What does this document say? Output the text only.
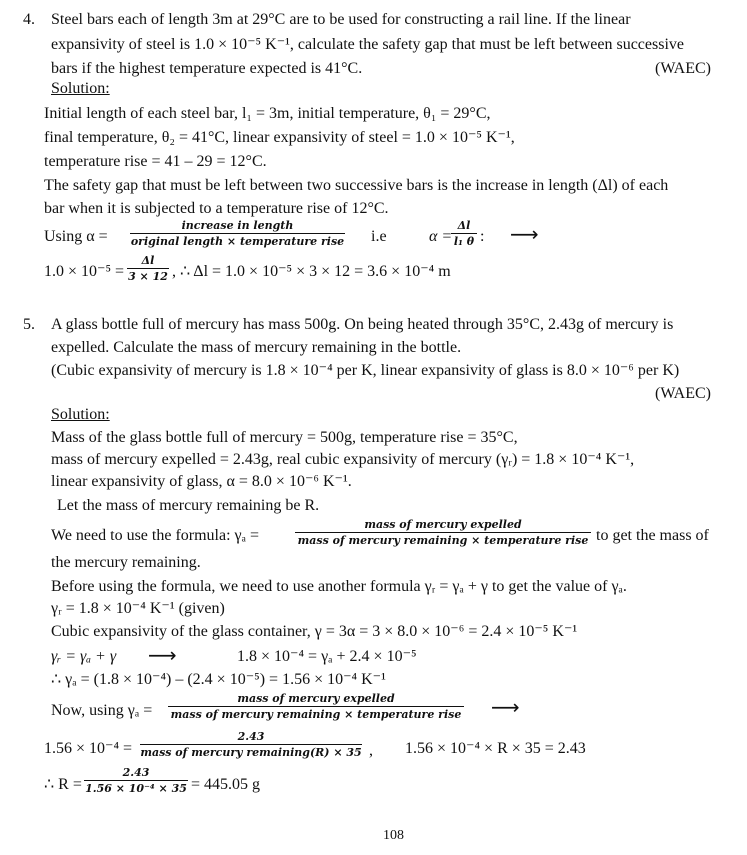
4. Steel bars each of length 3m at 29°C are to be used for constructing a rail line. If the linear
expansivity of steel is 1.0 × 10⁻⁵ K⁻¹, calculate the safety gap that must be left between successive
bars if the highest temperature expected is 41°C.	(WAEC)
Solution:
Initial length of each steel bar, l₁ = 3m, initial temperature, θ₁ = 29°C,
final temperature, θ₂ = 41°C, linear expansivity of steel = 1.0 × 10⁻⁵ K⁻¹,
temperature rise = 41 – 29 = 12°C.
The safety gap that must be left between two successive bars is the increase in length (Δl) of each
bar when it is subjected to a temperature rise of 12°C.
Using α =
increase in length
original length × temperature rise i.e	α =
$\frac{\Delta l}{\text{l₁ θ}}$ : ⟶
$1.0 \times 10^{-5} = \frac{\Delta l}{3 \times 12}$ , ∴ Δl = 1.0 × 10⁻⁵ × 3 × 12 = 3.6 × 10⁻⁴ m
5. A glass bottle full of mercury has mass 500g. On being heated through 35°C, 2.43g of mercury is
expelled. Calculate the mass of mercury remaining in the bottle.
(Cubic expansivity of mercury is 1.8 × 10⁻⁴ per K, linear expansivity of glass is 8.0 × 10⁻⁶ per K)
(WAEC)
Solution:
Mass of the glass bottle full of mercury = 500g, temperature rise = 35°C,
mass of mercury expelled = 2.43g, real cubic expansivity of mercury (γᵣ) = 1.8 × 10⁻⁴ K⁻¹,
linear expansivity of glass, α = 8.0 × 10⁻⁶ K⁻¹.
Let the mass of mercury remaining be R.
We need to use the formula: γₐ =
mass of mercury expelled
mass of mercury remaining × temperature rise to get the mass of
the mercury remaining.
Before using the formula, we need to use another formula γᵣ = γₐ + γ to get the value of γₐ.
γᵣ = 1.8 × 10⁻⁴ K⁻¹ (given)
Cubic expansivity of the glass container, γ = 3α = 3 × 8.0 × 10⁻⁶ = 2.4 × 10⁻⁵ K⁻¹
γᵣ = γₐ + γ ⟶	1.8 × 10⁻⁴ = γₐ + 2.4 × 10⁻⁵
∴ γₐ = (1.8 × 10⁻⁴) – (2.4 × 10⁻⁵) = 1.56 × 10⁻⁴ K⁻¹
Now, using γₐ =
mass of mercury expelled
mass of mercury remaining × temperature rise ⟶
1.56 × 10⁻⁴ =
2.43
mass of mercury remaining(R) × 35 , 1.56 × 10⁻⁴ × R × 35 = 2.43
∴ $R = \frac{2.43}{\text{1.56 × 10⁻⁴ × 35}} = 445.05$ g
108
